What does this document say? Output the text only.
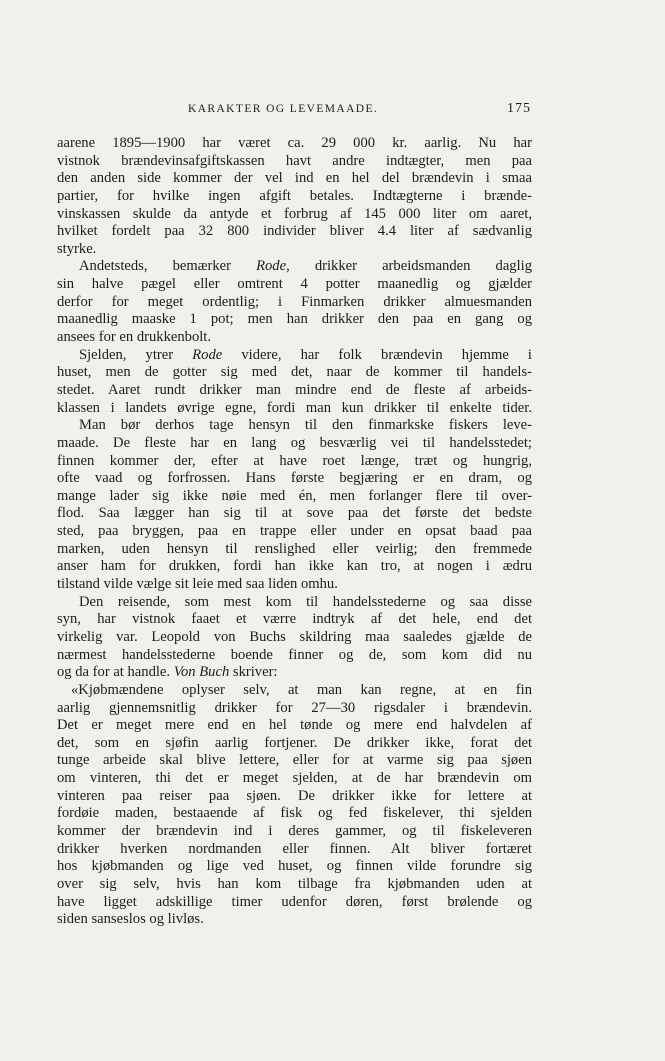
KARAKTER OG LEVEMAADE.	175
aarene 1895—1900 har været ca. 29 000 kr. aarlig. Nu har
vistnok brændevinsafgiftskassen havt andre indtægter, men paa
den anden side kommer der vel ind en hel del brændevin i smaa
partier, for hvilke ingen afgift betales. Indtægterne i brænde-
vinskassen skulde da antyde et forbrug af 145 000 liter om aaret,
hvilket fordelt paa 32 800 individer bliver 4.4 liter af sædvanlig
styrke.
Andetsteds, bemærker Rode, drikker arbeidsmanden daglig
sin halve pægel eller omtrent 4 potter maanedlig og gjælder
derfor for meget ordentlig; i Finmarken drikker almuesmanden
maanedlig maaske 1 pot; men han drikker den paa en gang og
ansees for en drukkenbolt.
Sjelden, ytrer Rode videre, har folk brændevin hjemme i
huset, men de gotter sig med det, naar de kommer til handels-
stedet. Aaret rundt drikker man mindre end de fleste af arbeids-
klassen i landets øvrige egne, fordi man kun drikker til enkelte tider.
Man bør derhos tage hensyn til den finmarkske fiskers leve-
maade. De fleste har en lang og besværlig vei til handelsstedet;
finnen kommer der, efter at have roet længe, træt og hungrig,
ofte vaad og forfrossen. Hans første begjæring er en dram, og
mange lader sig ikke nøie med én, men forlanger flere til over-
flod. Saa lægger han sig til at sove paa det første det bedste
sted, paa bryggen, paa en trappe eller under en opsat baad paa
marken, uden hensyn til renslighed eller veirlig; den fremmede
anser ham for drukken, fordi han ikke kan tro, at nogen i ædru
tilstand vilde vælge sit leie med saa liden omhu.
Den reisende, som mest kom til handelsstederne og saa disse
syn, har vistnok faaet et værre indtryk af det hele, end det
virkelig var. Leopold von Buchs skildring maa saaledes gjælde de
nærmest handelsstederne boende finner og de, som kom did nu
og da for at handle. Von Buch skriver:
«Kjøbmændene oplyser selv, at man kan regne, at en fin
aarlig gjennemsnitlig drikker for 27—30 rigsdaler i brændevin.
Det er meget mere end en hel tønde og mere end halvdelen af
det, som en sjøfin aarlig fortjener. De drikker ikke, forat det
tunge arbeide skal blive lettere, eller for at varme sig paa sjøen
om vinteren, thi det er meget sjelden, at de har brændevin om
vinteren paa reiser paa sjøen. De drikker ikke for lettere at
fordøie maden, bestaaende af fisk og fed fiskelever, thi sjelden
kommer der brændevin ind i deres gammer, og til fiskeleveren
drikker hverken nordmanden eller finnen. Alt bliver fortæret
hos kjøbmanden og lige ved huset, og finnen vilde forundre sig
over sig selv, hvis han kom tilbage fra kjøbmanden uden at
have ligget adskillige timer udenfor døren, først brølende og
siden sanseslos og livløs.
